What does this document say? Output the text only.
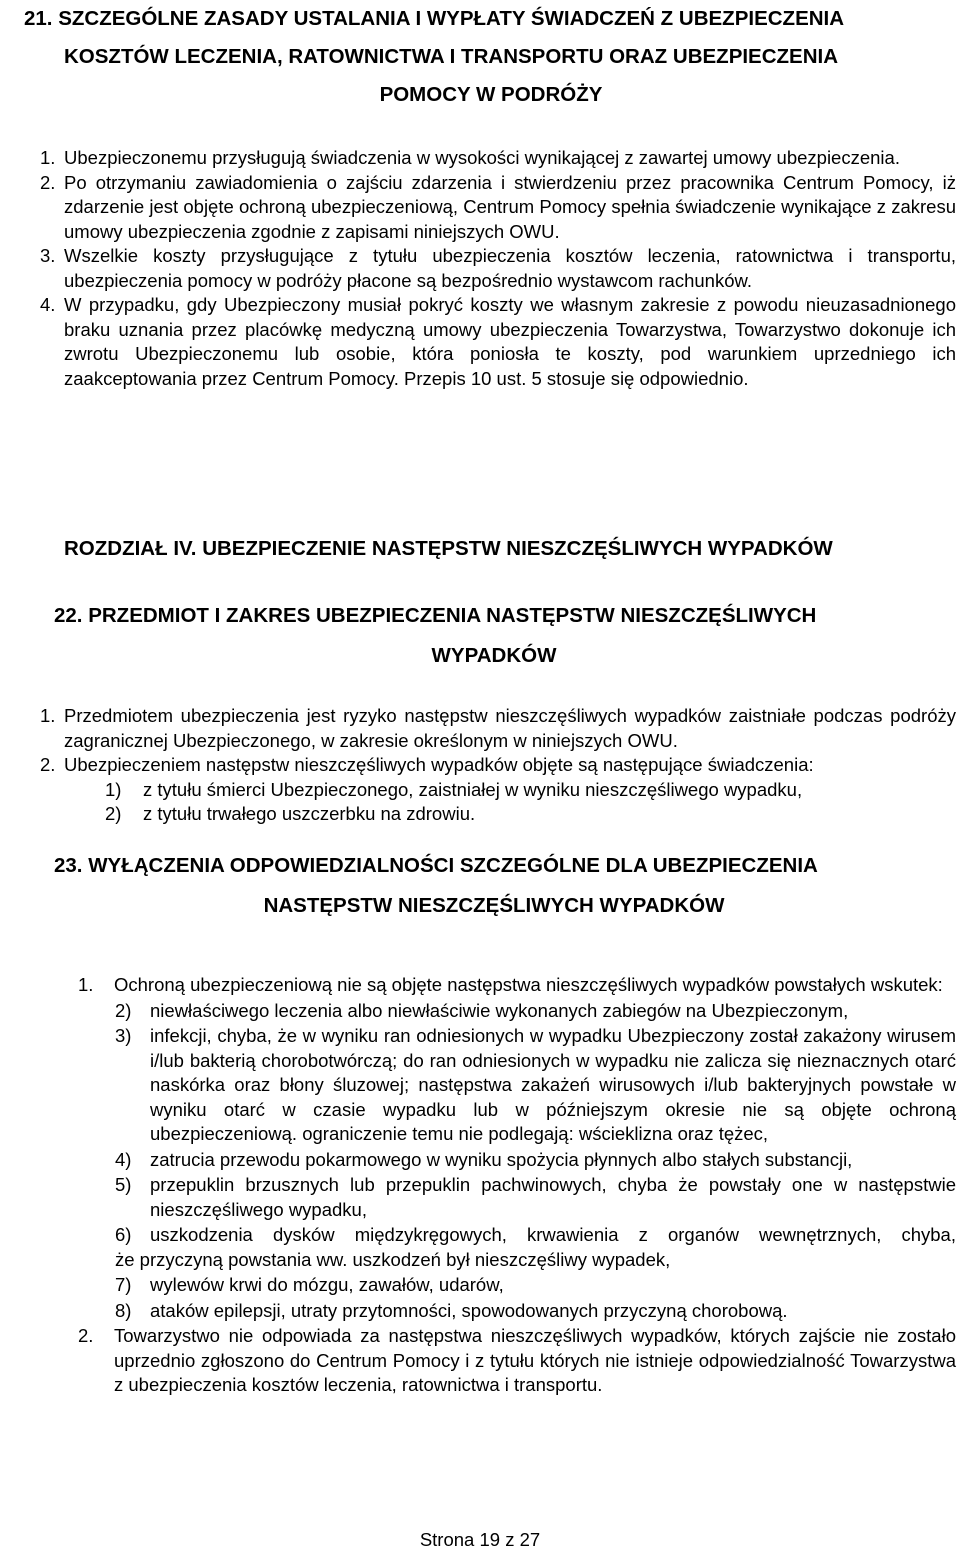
21. SZCZEGÓLNE ZASADY USTALANIA I WYPŁATY ŚWIADCZEŃ Z UBEZPIECZENIA
KOSZTÓW LECZENIA, RATOWNICTWA I TRANSPORTU ORAZ UBEZPIECZENIA
POMOCY W PODRÓŻY
1. Ubezpieczonemu przysługują świadczenia w wysokości wynikającej z zawartej umowy ubezpieczenia.
2. Po otrzymaniu zawiadomienia o zajściu zdarzenia i stwierdzeniu przez pracownika Centrum Pomocy, iż zdarzenie jest objęte ochroną ubezpieczeniową, Centrum Pomocy spełnia świadczenie wynikające z zakresu umowy ubezpieczenia zgodnie z zapisami niniejszych OWU.
3. Wszelkie koszty przysługujące z tytułu ubezpieczenia kosztów leczenia, ratownictwa i transportu, ubezpieczenia pomocy w podróży płacone są bezpośrednio wystawcom rachunków.
4. W przypadku, gdy Ubezpieczony musiał pokryć koszty we własnym zakresie z powodu nieuzasadnionego braku uznania przez placówkę medyczną umowy ubezpieczenia Towarzystwa, Towarzystwo dokonuje ich zwrotu Ubezpieczonemu lub osobie, która poniosła te koszty, pod warunkiem uprzedniego ich zaakceptowania przez Centrum Pomocy. Przepis 10 ust. 5 stosuje się odpowiednio.
ROZDZIAŁ IV. UBEZPIECZENIE NASTĘPSTW NIESZCZĘŚLIWYCH WYPADKÓW
22. PRZEDMIOT I ZAKRES UBEZPIECZENIA NASTĘPSTW NIESZCZĘŚLIWYCH
WYPADKÓW
1. Przedmiotem ubezpieczenia jest ryzyko następstw nieszczęśliwych wypadków zaistniałe podczas podróży zagranicznej Ubezpieczonego, w zakresie określonym w niniejszych OWU.
2. Ubezpieczeniem następstw nieszczęśliwych wypadków objęte są następujące świadczenia:
1)	z tytułu śmierci Ubezpieczonego, zaistniałej w wyniku nieszczęśliwego wypadku,
2)	z tytułu trwałego uszczerbku na zdrowiu.
23. WYŁĄCZENIA ODPOWIEDZIALNOŚCI SZCZEGÓLNE DLA UBEZPIECZENIA
NASTĘPSTW NIESZCZĘŚLIWYCH WYPADKÓW
1.	Ochroną ubezpieczeniową nie są objęte następstwa nieszczęśliwych wypadków powstałych wskutek:
2)	niewłaściwego leczenia albo niewłaściwie wykonanych zabiegów na Ubezpieczonym,
3)	infekcji, chyba, że w wyniku ran odniesionych w wypadku Ubezpieczony został zakażony wirusem i/lub bakterią chorobotwórczą; do ran odniesionych w wypadku nie zalicza się nieznacznych otarć naskórka oraz błony śluzowej; następstwa zakażeń wirusowych i/lub bakteryjnych powstałe w wyniku otarć w czasie wypadku lub w późniejszym okresie nie są objęte ochroną ubezpieczeniową. ograniczenie temu nie podlegają: wścieklizna oraz tężec,
4)	zatrucia przewodu pokarmowego w wyniku spożycia płynnych albo stałych substancji,
5)	przepuklin brzusznych lub przepuklin pachwinowych, chyba że powstały one w następstwie nieszczęśliwego wypadku,
6)	uszkodzenia dysków międzykręgowych, krwawienia z organów wewnętrznych, chyba,
że przyczyną powstania ww. uszkodzeń był nieszczęśliwy wypadek,
7)	wylewów krwi do mózgu, zawałów, udarów,
8)	ataków epilepsji, utraty przytomności, spowodowanych przyczyną chorobową.
2.	Towarzystwo nie odpowiada za następstwa nieszczęśliwych wypadków, których zajście nie zostało uprzednio zgłoszono do Centrum Pomocy i z tytułu których nie istnieje odpowiedzialność Towarzystwa z ubezpieczenia kosztów leczenia, ratownictwa i transportu.
Strona 19 z 27
